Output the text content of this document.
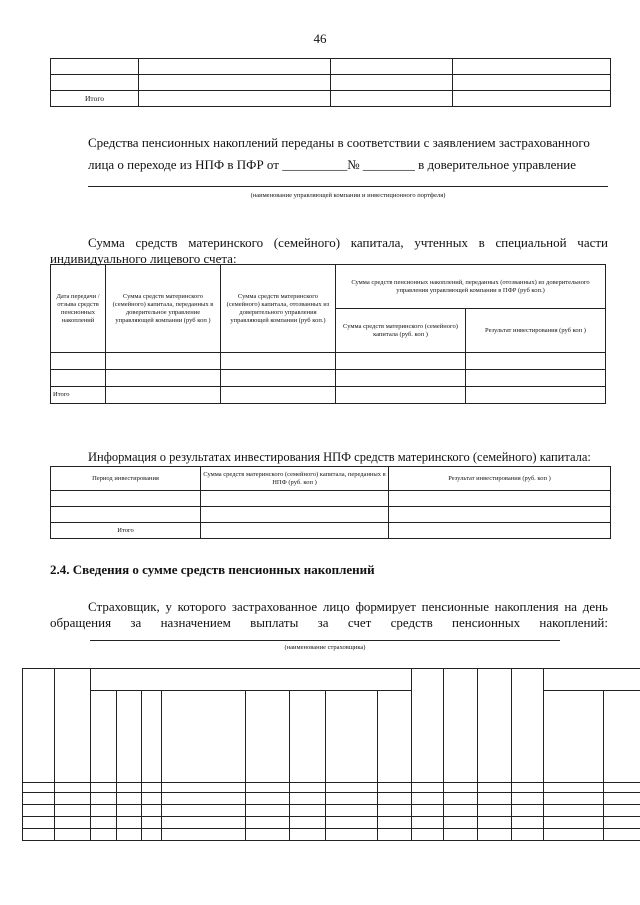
46

Итого			
Средства пенсионных накоплений переданы в соответствии с заявлением застрахованного
лица о переходе из НПФ в ПФР от __________№ ________ в доверительное управление
(наименование управляющей компании и инвестиционного портфеля)
Сумма средств материнского (семейного) капитала, учтенных в специальной части
индивидуального лицевого счета:
Дата передачи /отзыва средств пенсионных накоплений	Сумма средств материнского (семейного) капитала, переданных в доверительное управление управляющей компании (руб коп )	Сумма средств материнского (семейного) капитала, отозванных из доверительного управления управляющей компании (руб коп.)	Сумма средств пенсионных накоплений, переданных (отозванных) из доверительного управления управляющей компании в ПФР (руб коп.)	
			Сумма средств материнского (семейного) капитала (руб. коп )	Результат инвестирования (руб коп )

Итого				
Информация о результатах инвестирования НПФ средств материнского (семейного) капитала:
Период инвестирования	Сумма средств материнского (семейного) капитала, переданных в НПФ (руб. коп )	Результат инвестирования (руб. коп )

Итого		
2.4. Сведения о сумме средств пенсионных накоплений
Страховщик, у которого застрахованное лицо формирует пенсионные накопления на день
обращения за назначением выплаты за счет средств пенсионных накоплений:
(наименование страховщика)
